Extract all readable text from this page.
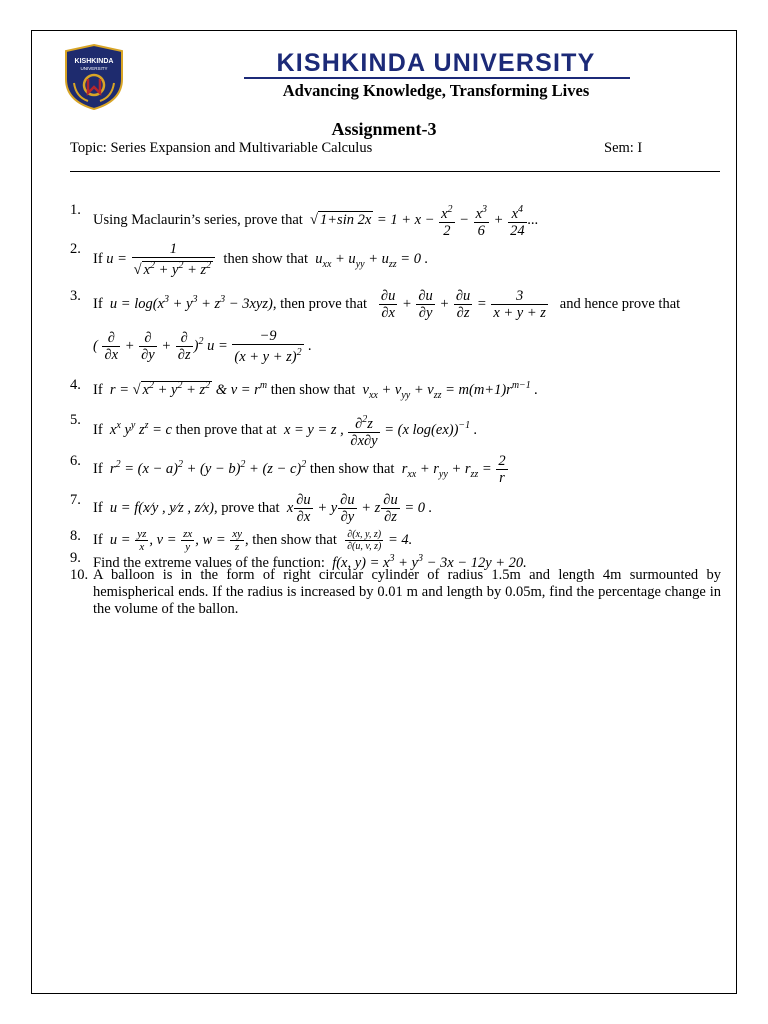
KISHKINDA
UNIVERSITY	KISHKINDA UNIVERSITY
Advancing Knowledge, Transforming Lives
Assignment-3
Topic: Series Expansion and Multivariable Calculus	Sem: I
1.
Using Maclaurin’s series, prove that  √ 1+sin $2x = 1 + x - \frac{x^2}{2} - \frac{x^3}{6} + \frac{x^4}{24}$ ...
2.
If $u = \frac{1}{√ x^2 + y^2 + z^2}$ then show that  $u_{xx} + u_{yy} + u_{zz} = 0$ .
3. If $u = \log(x^3 + y^3 + z^3 - 3xyz)$, then prove that $\frac{\partial u}{\partial x} + \frac{\partial u}{\partial y} + \frac{\partial u}{\partial z} = \frac{3}{x + y + z}$ and hence prove that
( $\frac{\partial}{\partial x} + \frac{\partial}{\partial y} + \frac{\partial}{\partial z} )^2$ $u = \frac{-9}{(x + y + z)^2}$ .
4. If  r = √ $x^2 + y^2 + z^2$ & $v = r^m$ then show that  $v_{xx} + v_{yy} + v_{zz} = m(m+1)r^{m-1}$ .
5.
If  $x^x$ $y^y$ $z^z = c$ then prove that at  x = y = z , $\frac{\partial^2z}{\partial x\partial y} = (x$ log(ex))$^{-1}$ .
6. If  $r^2 = (x - a)^2 + (y - b)^2 + (z - c)^2$ then show that  $r_{xx} + r_{yy} + r_{zz} = \frac{2}{r}$
7. If  u = f(x⁄y , y⁄z , z⁄x), prove that  x $\frac{\partial u}{\partial x} + y \frac{\partial u}{\partial y} + z \frac{\partial u}{\partial z} = 0$ .
8. If  $u = \frac{yz}{x}$ , $v = \frac{zx}{y}$ , $w = \frac{xy}{z}$ , then show that $\frac{\partial(x, y, z)}{\partial(u, v, z)} = 4$.
9. Find the extreme values of the function:  f(x, $y) = x^3 + y^3 - 3x - 12y + 20$.
10. A balloon is in the form of right circular cylinder of radius 1.5m and length 4m surmounted by hemispherical ends. If the radius is increased by 0.01 m and length by 0.05m, find the percentage change in the volume of the ballon.
